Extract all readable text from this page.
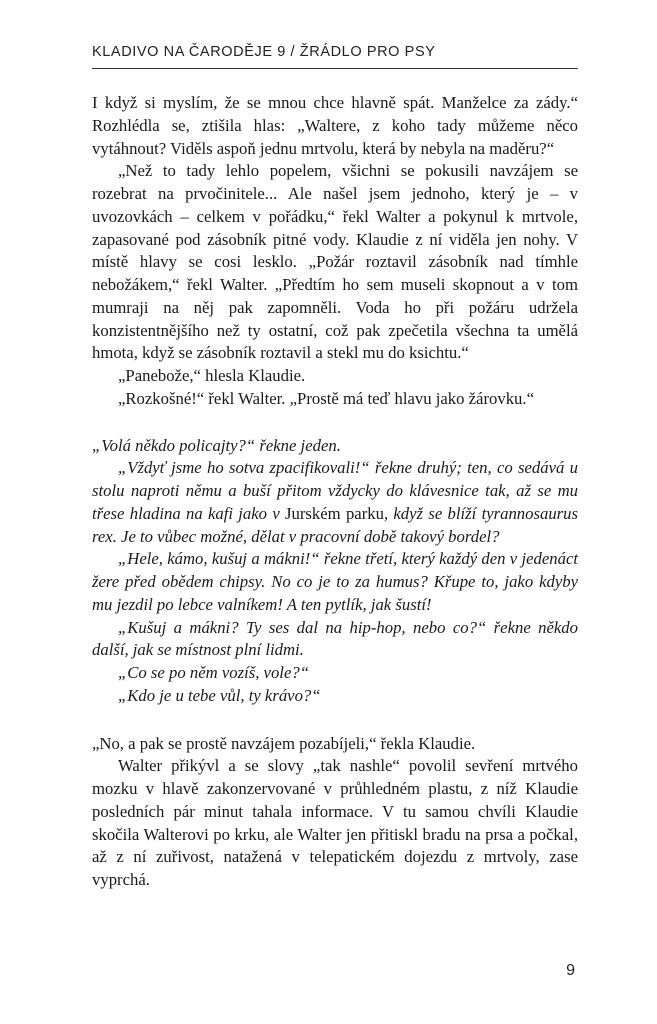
KLADIVO NA ČARODĚJE 9 / ŽRÁDLO PRO PSY

I když si myslím, že se mnou chce hlavně spát. Manželce za zády.“ Rozhlédla se, ztišila hlas: „Waltere, z koho tady můžeme něco vytáhnout? Viděls aspoň jednu mrtvolu, která by nebyla na maděru?“

„Než to tady lehlo popelem, všichni se pokusili navzájem se rozebrat na prvočinitele... Ale našel jsem jednoho, který je – v uvozovkách – celkem v pořádku,“ řekl Walter a pokynul k mrtvole, zapasované pod zásobník pitné vody. Klaudie z ní viděla jen nohy. V místě hlavy se cosi lesklo. „Požár roztavil zásobník nad tímhle nebožákem,“ řekl Walter. „Předtím ho sem museli skopnout a v tom mumraji na něj pak zapomněli. Voda ho při požáru udržela konzistentnějšího než ty ostatní, což pak zpečetila všechna ta umělá hmota, když se zásobník roztavil a stekl mu do ksichtu.“

„Panebože,“ hlesla Klaudie.

„Rozkošné!“ řekl Walter. „Prostě má teď hlavu jako žárovku.“

„Volá někdo policajty?“ řekne jeden.

„Vždyť jsme ho sotva zpacifikovali!“ řekne druhý; ten, co sedává u stolu naproti němu a buší přitom vždycky do klávesnice tak, až se mu třese hladina na kafi jako v Jurském parku, když se blíží tyrannosaurus rex. Je to vůbec možné, dělat v pracovní době takový bordel?

„Hele, kámo, kušuj a mákni!“ řekne třetí, který každý den v jedenáct žere před obědem chipsy. No co je to za humus? Křupe to, jako kdyby mu jezdil po lebce valníkem! A ten pytlík, jak šustí!

„Kušuj a mákni? Ty ses dal na hip-hop, nebo co?“ řekne někdo další, jak se místnost plní lidmi.

„Co se po něm vozíš, vole?“

„Kdo je u tebe vůl, ty krávo?“

„No, a pak se prostě navzájem pozabíjeli,“ řekla Klaudie.

Walter přikývl a se slovy „tak nashle“ povolil sevření mrtvého mozku v hlavě zakonzervované v průhledném plastu, z níž Klaudie posledních pár minut tahala informace. V tu samou chvíli Klaudie skočila Walterovi po krku, ale Walter jen přitiskl bradu na prsa a počkal, až z ní zuřivost, natažená v telepatickém dojezdu z mrtvoly, zase vyprchá.

9
